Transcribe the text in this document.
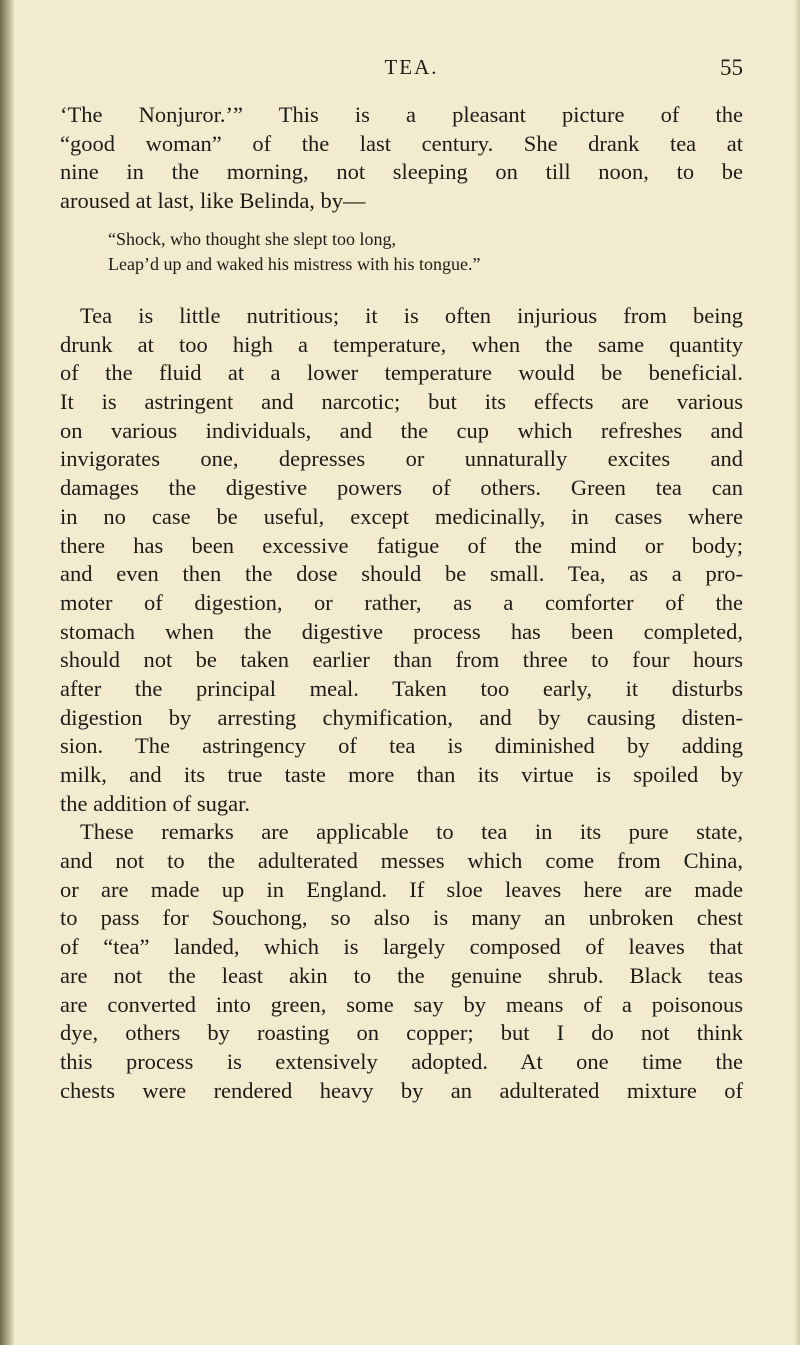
TEA.	55
‘The Nonjuror.’” This is a pleasant picture of the
“good woman” of the last century. She drank tea at
nine in the morning, not sleeping on till noon, to be
aroused at last, like Belinda, by—
“Shock, who thought she slept too long,
Leap’d up and waked his mistress with his tongue.”
Tea is little nutritious; it is often injurious from being
drunk at too high a temperature, when the same quantity
of the fluid at a lower temperature would be beneficial.
It is astringent and narcotic; but its effects are various
on various individuals, and the cup which refreshes and
invigorates one, depresses or unnaturally excites and
damages the digestive powers of others. Green tea can
in no case be useful, except medicinally, in cases where
there has been excessive fatigue of the mind or body;
and even then the dose should be small. Tea, as a pro-
moter of digestion, or rather, as a comforter of the
stomach when the digestive process has been completed,
should not be taken earlier than from three to four hours
after the principal meal. Taken too early, it disturbs
digestion by arresting chymification, and by causing disten-
sion. The astringency of tea is diminished by adding
milk, and its true taste more than its virtue is spoiled by
the addition of sugar.
These remarks are applicable to tea in its pure state,
and not to the adulterated messes which come from China,
or are made up in England. If sloe leaves here are made
to pass for Souchong, so also is many an unbroken chest
of “tea” landed, which is largely composed of leaves that
are not the least akin to the genuine shrub. Black teas
are converted into green, some say by means of a poisonous
dye, others by roasting on copper; but I do not think
this process is extensively adopted. At one time the
chests were rendered heavy by an adulterated mixture of
